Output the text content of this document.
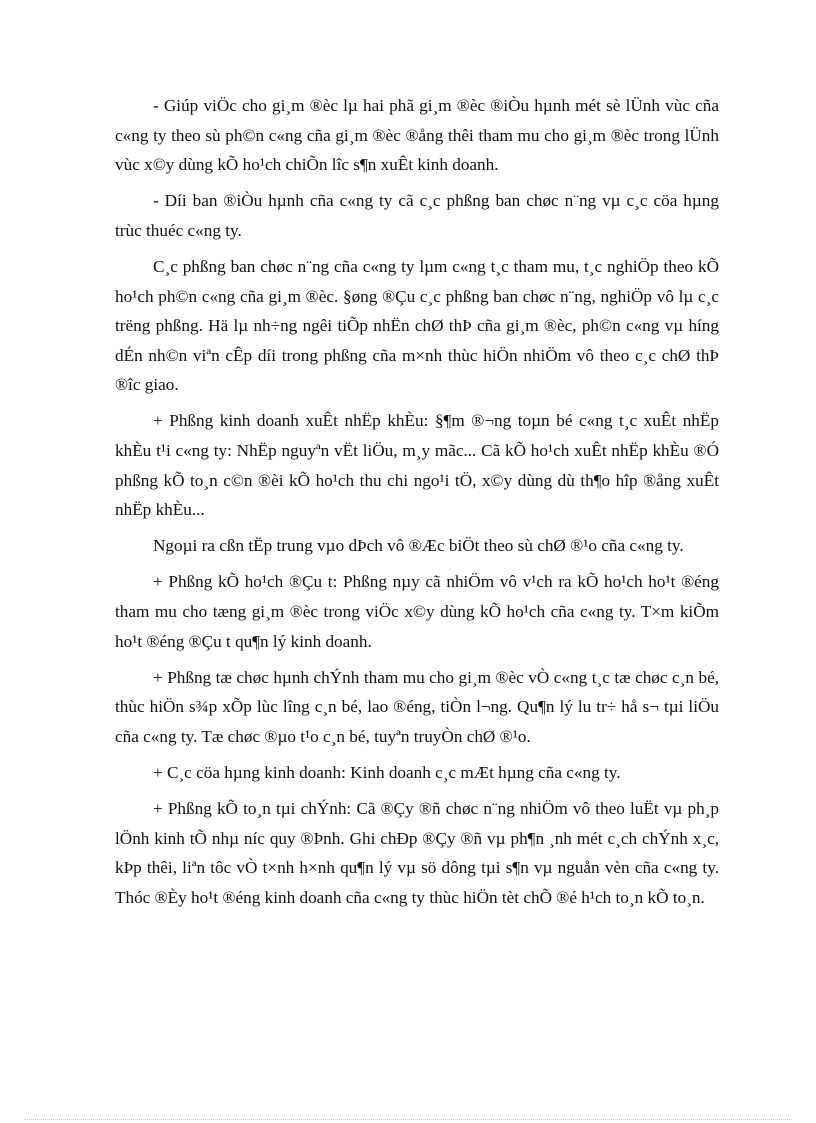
- Giúp viÖc cho gi¸m ®èc lµ hai phã gi¸m ®èc ®iÒu hµnh mét sè lÜnh vùc cña c«ng ty theo sù ph©n c«ng cña gi¸m ®èc ®ång thêi tham mu cho gi¸m ®èc trong lÜnh vùc x©y dùng kÕ ho¹ch chiÕn lîc s¶n xuÊt kinh doanh.

- Díi ban ®iÒu hµnh cña c«ng ty cã c¸c phßng ban chøc n¨ng vµ c¸c cöa hµng trùc thuéc c«ng ty.

C¸c phßng ban chøc n¨ng cña c«ng ty lµm c«ng t¸c tham mu, t¸c nghiÖp theo kÕ ho¹ch ph©n c«ng cña gi¸m ®èc. §øng ®Çu c¸c phßng ban chøc n¨ng, nghiÖp vô lµ c¸c trëng phßng. Hä lµ nh÷ng ngêi tiÕp nhËn chØ thÞ cña gi¸m ®èc, ph©n c«ng vµ híng dÉn nh©n viªn cÊp díi trong phßng cña m×nh thùc hiÖn nhiÖm vô theo c¸c chØ thÞ ®îc giao.

+ Phßng kinh doanh xuÊt nhËp khÈu: §¶m ®¬ng toµn bé c«ng t¸c xuÊt nhËp khÈu t¹i c«ng ty: NhËp nguyªn vËt liÖu, m¸y mãc... Cã kÕ ho¹ch xuÊt nhËp khÈu ®Ó phßng kÕ to¸n c©n ®èi kÕ ho¹ch thu chi ngo¹i tÖ, x©y dùng dù th¶o hîp ®ång xuÊt nhËp khÈu...

Ngoµi ra cßn tËp trung vµo dÞch vô ®Æc biÖt theo sù chØ ®¹o cña c«ng ty.

+ Phßng kÕ ho¹ch ®Çu t: Phßng nµy cã nhiÖm vô v¹ch ra kÕ ho¹ch ho¹t ®éng tham mu cho tæng gi¸m ®èc trong viÖc x©y dùng kÕ ho¹ch cña c«ng ty. T×m kiÕm ho¹t ®éng ®Çu t qu¶n lý kinh doanh.

+ Phßng tæ chøc hµnh chÝnh tham mu cho gi¸m ®èc vÒ c«ng t¸c tæ chøc c¸n bé, thùc hiÖn s¾p xÕp lùc lîng c¸n bé, lao ®éng, tiÒn l¬ng. Qu¶n lý lu tr÷ hå s¬ tµi liÖu cña c«ng ty. Tæ chøc ®µo t¹o c¸n bé, tuyªn truyÒn chØ ®¹o.

+ C¸c cöa hµng kinh doanh: Kinh doanh c¸c mÆt hµng cña c«ng ty.

+ Phßng kÕ to¸n tµi chÝnh: Cã ®Çy ®ñ chøc n¨ng nhiÖm vô theo luËt vµ ph¸p lÖnh kinh tÕ nhµ níc quy ®Þnh. Ghi chÐp ®Çy ®ñ vµ ph¶n ¸nh mét c¸ch chÝnh x¸c, kÞp thêi, liªn tôc vÒ t×nh h×nh qu¶n lý vµ sö dông tµi s¶n vµ nguån vèn cña c«ng ty. Thóc ®Èy ho¹t ®éng kinh doanh cña c«ng ty thùc hiÖn tèt chÕ ®é h¹ch to¸n kÕ to¸n.
